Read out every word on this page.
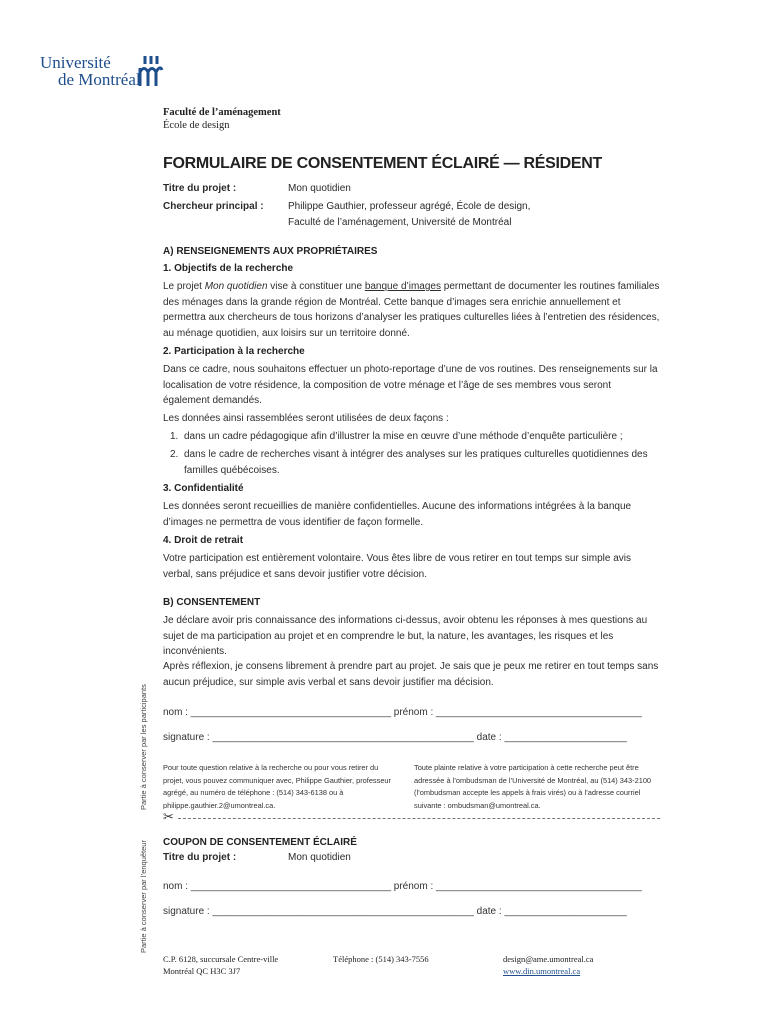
Université
de Montréal
Faculté de l’aménagement
École de design
FORMULAIRE DE CONSENTEMENT ÉCLAIRÉ — RÉSIDENT
Titre du projet :	Mon quotidien
Chercheur principal : Philippe Gauthier, professeur agrégé, École de design,
Faculté de l’aménagement, Université de Montréal
A) RENSEIGNEMENTS AUX PROPRIÉTAIRES
1. Objectifs de la recherche
Le projet Mon quotidien vise à constituer une banque d’images permettant de documenter les routines familiales des ménages dans la grande région de Montréal. Cette banque d’images sera enrichie annuellement et permettra aux chercheurs de tous horizons d’analyser les pratiques culturelles liées à l’entretien des résidences, au ménage quotidien, aux loisirs sur un territoire donné.
2. Participation à la recherche
Dans ce cadre, nous souhaitons effectuer un photo-reportage d’une de vos routines. Des renseignements sur la localisation de votre résidence, la composition de votre ménage et l’âge de ses membres vous seront également demandés.
Les données ainsi rassemblées seront utilisées de deux façons :
1. dans un cadre pédagogique afin d’illustrer la mise en œuvre d’une méthode d’enquête particulière ;
2. dans le cadre de recherches visant à intégrer des analyses sur les pratiques culturelles quotidiennes des familles québécoises.
3. Confidentialité
Les données seront recueillies de manière confidentielles. Aucune des informations intégrées à la banque d’images ne permettra de vous identifier de façon formelle.
4. Droit de retrait
Votre participation est entièrement volontaire. Vous êtes libre de vous retirer en tout temps sur simple avis verbal, sans préjudice et sans devoir justifier votre décision.
B) CONSENTEMENT
Je déclare avoir pris connaissance des informations ci-dessus, avoir obtenu les réponses à mes questions au sujet de ma participation au projet et en comprendre le but, la nature, les avantages, les risques et les inconvénients.
Après réflexion, je consens librement à prendre part au projet. Je sais que je peux me retirer en tout temps sans aucun préjudice, sur simple avis verbal et sans devoir justifier ma décision.
nom : ____________________________________ prénom : _____________________________________
signature : _______________________________________________ date : ______________________
Pour toute question relative à la recherche ou pour vous retirer du projet, vous pouvez communiquer avec, Philippe Gauthier, professeur agrégé, au numéro de téléphone : (514) 343-6138 ou à philippe.gauthier.2@umontreal.ca.
Toute plainte relative à votre participation à cette recherche peut être adressée à l’ombudsman de l’Université de Montréal, au (514) 343-2100 (l’ombudsman accepte les appels à frais virés) ou à l’adresse courriel suivante : ombudsman@umontreal.ca.
✂
Partie à conserver par les participants
Partie à conserver par l’enquêteur COUPON DE CONSENTEMENT ÉCLAIRÉ
Titre du projet :	Mon quotidien
nom : ____________________________________ prénom : _____________________________________
signature : _______________________________________________ date : ______________________
C.P. 6128, succursale Centre-ville
Montréal QC H3C 3J7
Téléphone : (514) 343-7556	design@ame.umontreal.ca
www.din.umontreal.ca
